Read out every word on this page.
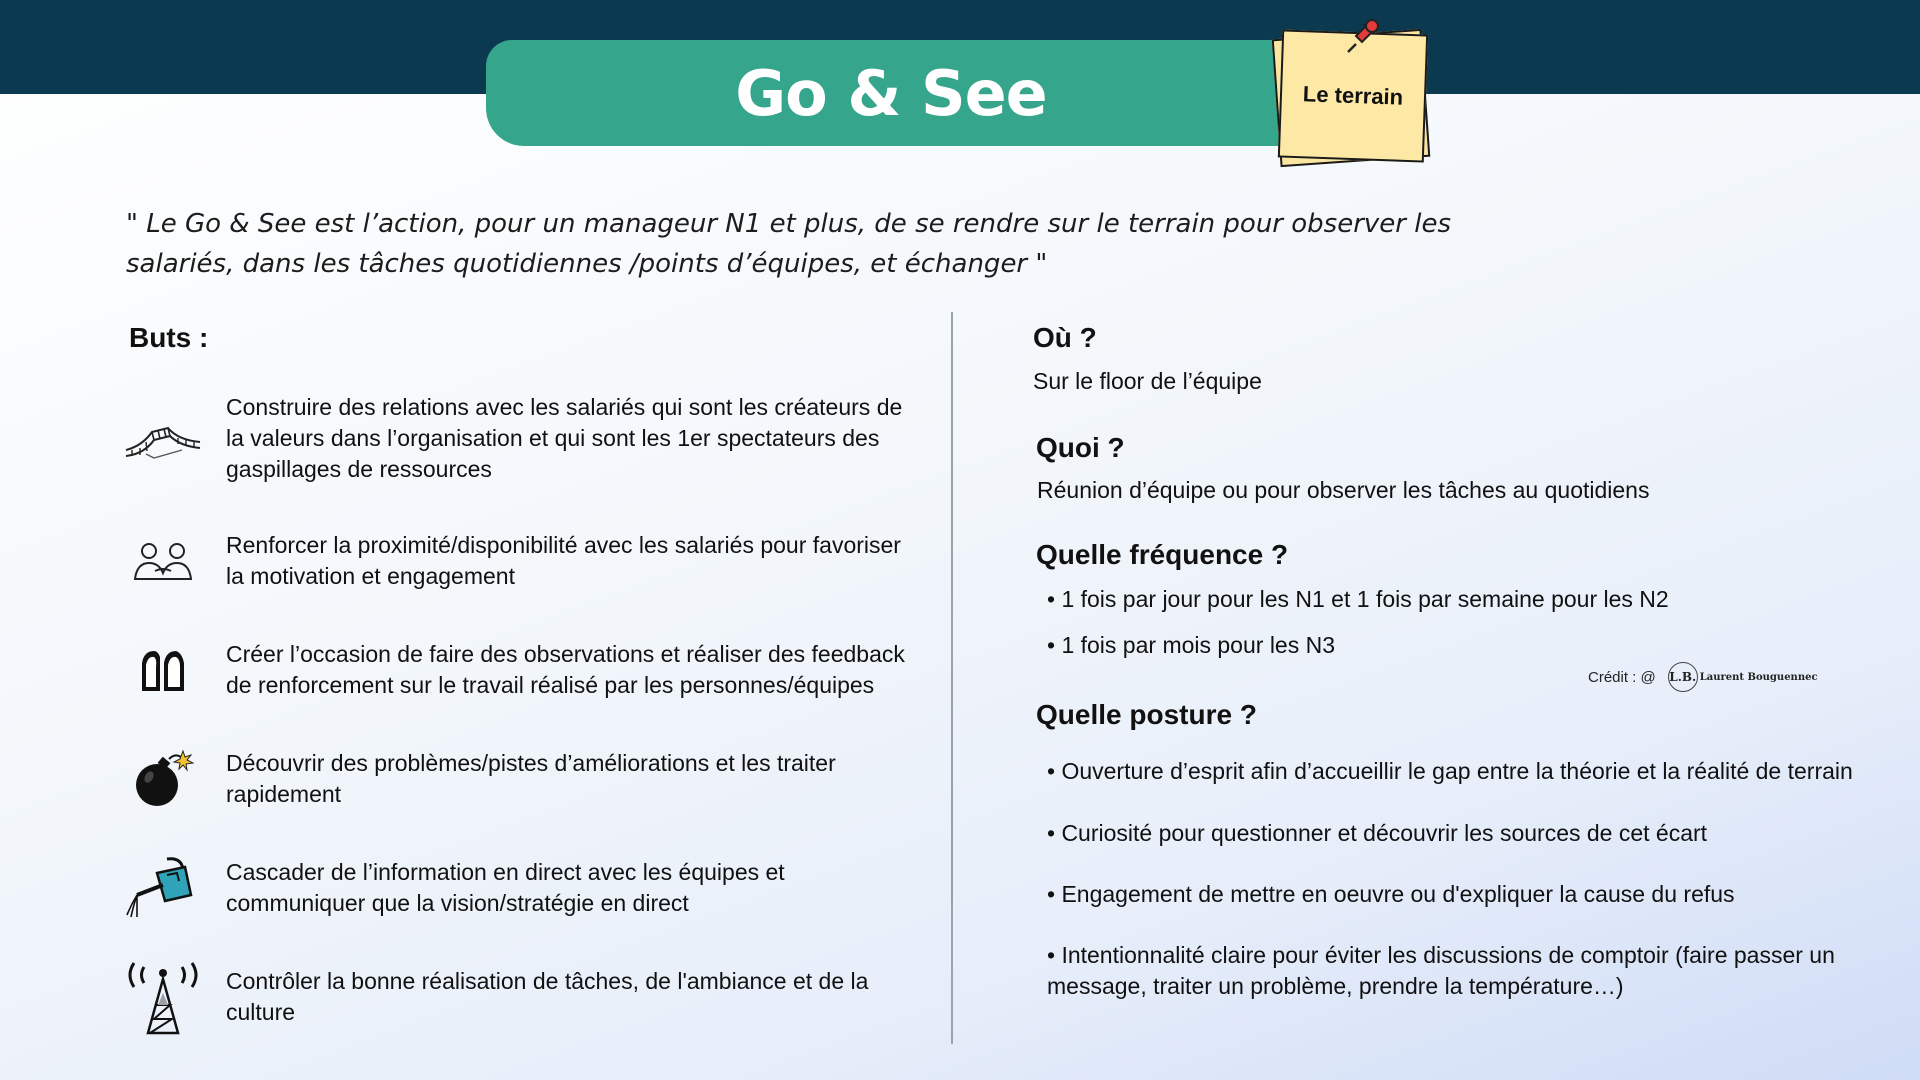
Go & See	Le terrain

" Le Go & See est l’action, pour un manageur N1 et plus, de se rendre sur le terrain pour observer les salariés, dans les tâches quotidiennes /points d’équipes, et échanger "

Buts :

Construire des relations avec les salariés qui sont les créateurs de la valeurs dans l’organisation et qui sont les 1er spectateurs des gaspillages de ressources

Renforcer la proximité/disponibilité avec les salariés pour favoriser la motivation et engagement

Créer l’occasion de faire des observations et réaliser des feedback de renforcement sur le travail réalisé par les personnes/équipes

Découvrir des problèmes/pistes d’améliorations et les traiter rapidement

Cascader de l’information en direct avec les équipes et communiquer que la vision/stratégie en direct

Contrôler la bonne réalisation de tâches, de l'ambiance et de la culture

Où ?
Sur le floor de l’équipe
Quoi ?
Réunion d’équipe ou pour observer les tâches au quotidiens
Quelle fréquence ?
• 1 fois par jour pour les N1 et 1 fois par semaine pour les N2
• 1 fois par mois pour les N3
Crédit : @ L.B. Laurent Bouguennec
Quelle posture ?
• Ouverture d’esprit afin d’accueillir le gap entre la théorie et la réalité de terrain
• Curiosité pour questionner et découvrir les sources de cet écart
• Engagement de mettre en oeuvre ou d'expliquer la cause du refus
• Intentionnalité claire pour éviter les discussions de comptoir (faire passer un message, traiter un problème, prendre la température…)
